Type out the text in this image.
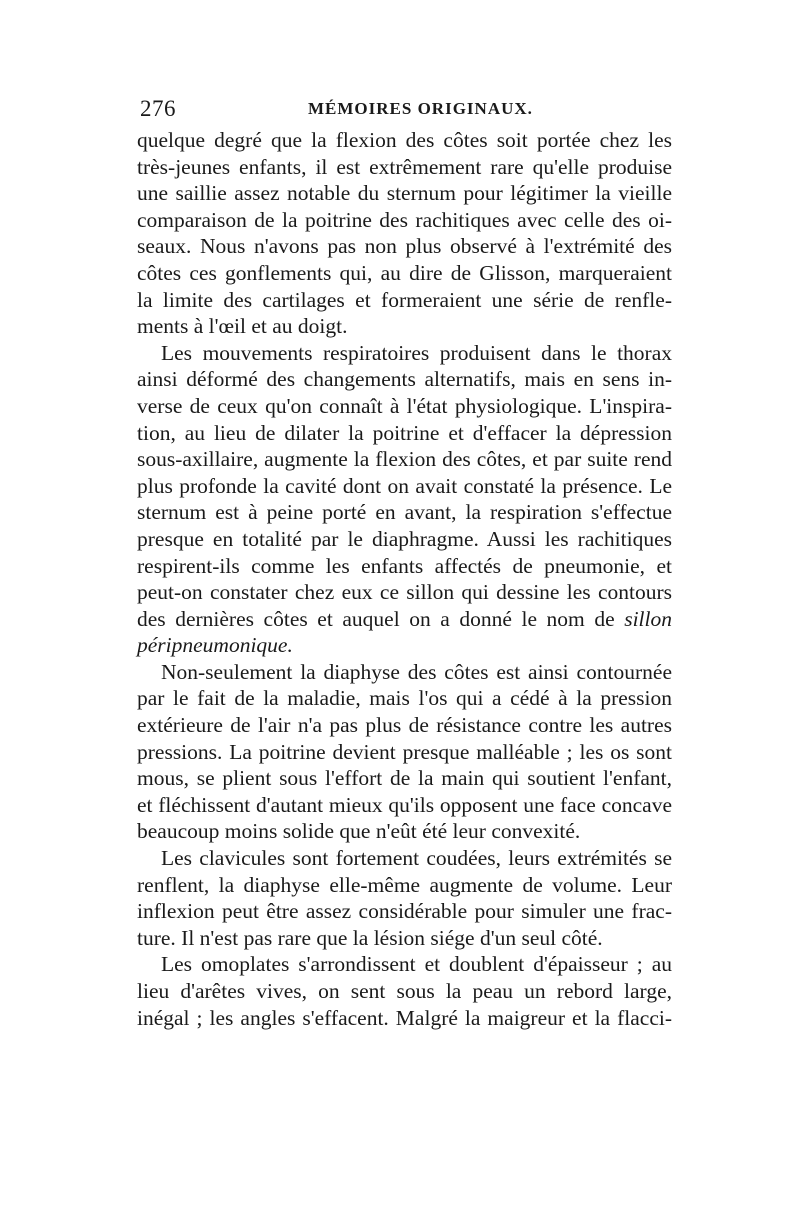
276	MÉMOIRES ORIGINAUX.
quelque degré que la flexion des côtes soit portée chez les
très-jeunes enfants, il est extrêmement rare qu'elle produise
une saillie assez notable du sternum pour légitimer la vieille
comparaison de la poitrine des rachitiques avec celle des oi-
seaux. Nous n'avons pas non plus observé à l'extrémité des
côtes ces gonflements qui, au dire de Glisson, marqueraient
la limite des cartilages et formeraient une série de renfle-
ments à l'œil et au doigt.
Les mouvements respiratoires produisent dans le thorax
ainsi déformé des changements alternatifs, mais en sens in-
verse de ceux qu'on connaît à l'état physiologique. L'inspira-
tion, au lieu de dilater la poitrine et d'effacer la dépression
sous-axillaire, augmente la flexion des côtes, et par suite rend
plus profonde la cavité dont on avait constaté la présence. Le
sternum est à peine porté en avant, la respiration s'effectue
presque en totalité par le diaphragme. Aussi les rachitiques
respirent-ils comme les enfants affectés de pneumonie, et
peut-on constater chez eux ce sillon qui dessine les contours
des dernières côtes et auquel on a donné le nom de sillon
péripneumonique.
Non-seulement la diaphyse des côtes est ainsi contournée
par le fait de la maladie, mais l'os qui a cédé à la pression
extérieure de l'air n'a pas plus de résistance contre les autres
pressions. La poitrine devient presque malléable ; les os sont
mous, se plient sous l'effort de la main qui soutient l'enfant,
et fléchissent d'autant mieux qu'ils opposent une face concave
beaucoup moins solide que n'eût été leur convexité.
Les clavicules sont fortement coudées, leurs extrémités se
renflent, la diaphyse elle-même augmente de volume. Leur
inflexion peut être assez considérable pour simuler une frac-
ture. Il n'est pas rare que la lésion siége d'un seul côté.
Les omoplates s'arrondissent et doublent d'épaisseur ; au
lieu d'arêtes vives, on sent sous la peau un rebord large,
inégal ; les angles s'effacent. Malgré la maigreur et la flacci-
